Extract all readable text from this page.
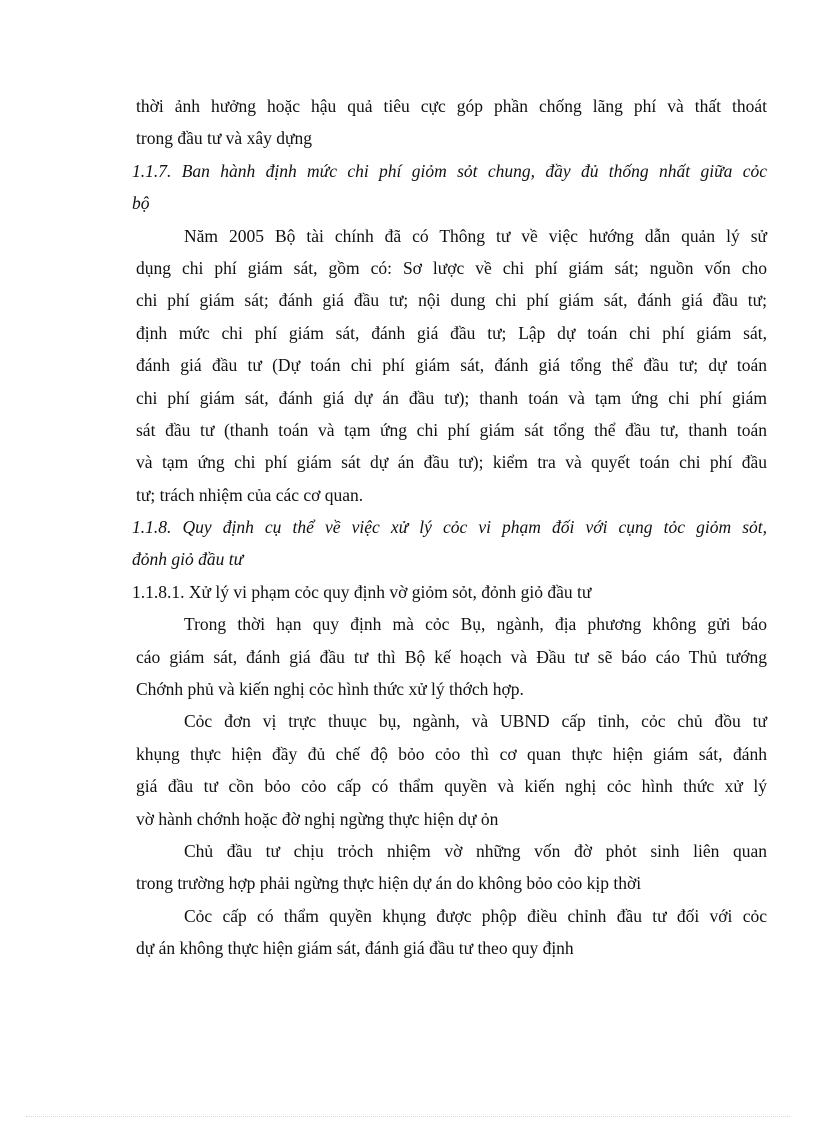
thời ảnh hưởng hoặc hậu quả tiêu cực góp phần chống lãng phí và thất thoát
trong đầu tư và xây dựng
1.1.7. Ban hành định mức chi phí giỏm sỏt chung, đầy đủ thống nhất giữa cỏc
bộ
Năm 2005 Bộ tài chính đã có Thông tư về việc hướng dẫn quản lý sử
dụng chi phí giám sát, gồm có: Sơ lược về chi phí giám sát; nguồn vốn cho
chi phí giám sát; đánh giá đầu tư; nội dung chi phí giám sát, đánh giá đầu tư;
định mức chi phí giám sát, đánh giá đầu tư; Lập dự toán chi phí giám sát,
đánh giá đầu tư (Dự toán chi phí giám sát, đánh giá tổng thể đầu tư; dự toán
chi phí giám sát, đánh giá dự án đầu tư); thanh toán và tạm ứng chi phí giám
sát đầu tư (thanh toán và tạm ứng chi phí giám sát tổng thể đầu tư, thanh toán
và tạm ứng chi phí giám sát dự án đầu tư); kiểm tra và quyết toán chi phí đầu
tư; trách nhiệm của các cơ quan.
1.1.8. Quy định cụ thể về việc xử lý cỏc vi phạm đối với cụng tỏc giỏm sỏt,
đỏnh giỏ đầu tư
1.1.8.1. Xử lý vi phạm cỏc quy định vờ giỏm sỏt, đỏnh giỏ đầu tư
Trong thời hạn quy định mà cỏc Bụ, ngành, địa phương không gửi báo
cáo giám sát, đánh giá đầu tư thì Bộ kế hoạch và Đầu tư sẽ báo cáo Thủ tướng
Chớnh phủ và kiến nghị cỏc hình thức xử lý thớch hợp.
Cỏc đơn vị trực thuục bụ, ngành, và UBND cấp tỉnh, cỏc chủ đồu tư
khụng thực hiện đầy đủ chế độ bỏo cỏo thì cơ quan thực hiện giám sát, đánh
giá đầu tư cồn bỏo cỏo cấp có thẩm quyền và kiến nghị cỏc hình thức xử lý
vờ hành chớnh hoặc đờ nghị ngừng thực hiện dự ỏn
Chủ đầu tư chịu trỏch nhiệm vờ những vốn đờ phỏt sinh liên quan
trong trường hợp phải ngừng thực hiện dự án do không bỏo cỏo kịp thời
Cỏc cấp có thẩm quyền khụng được phộp điều chỉnh đầu tư đối với cỏc
dự án không thực hiện giám sát, đánh giá đầu tư theo quy định
